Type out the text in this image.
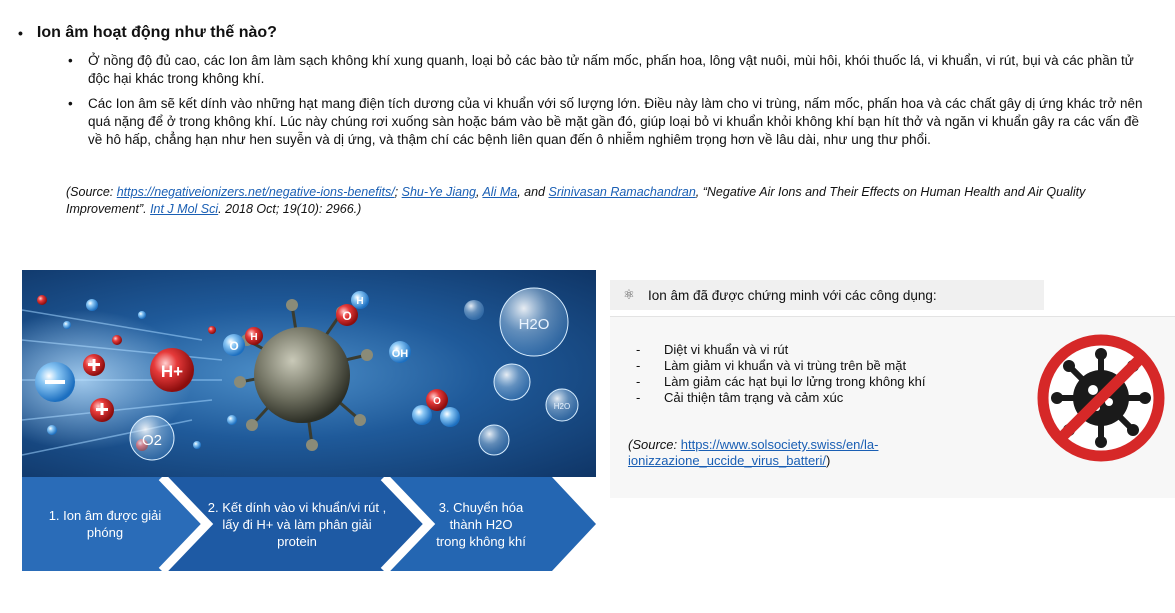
• Ion âm hoạt động như thế nào?
• Ở nồng độ đủ cao, các Ion âm làm sạch không khí xung quanh, loại bỏ các bào tử nấm mốc, phấn hoa, lông vật nuôi, mùi hôi, khói thuốc lá, vi khuẩn, vi rút, bụi và các phần tử độc hại khác trong không khí.
• Các Ion âm sẽ kết dính vào những hạt mang điện tích dương của vi khuẩn với số lượng lớn. Điều này làm cho vi trùng, nấm mốc, phấn hoa và các chất gây dị ứng khác trở nên quá nặng để ở trong không khí. Lúc này chúng rơi xuống sàn hoặc bám vào bề mặt gần đó, giúp loại bỏ vi khuẩn khỏi không khí bạn hít thở và ngăn vi khuẩn gây ra các vấn đề về hô hấp, chẳng hạn như hen suyễn và dị ứng, và thậm chí các bệnh liên quan đến ô nhiễm nghiêm trọng hơn về lâu dài, như ung thư phổi.
(Source: https://negativeionizers.net/negative-ions-benefits/; Shu-Ye Jiang, Ali Ma, and Srinivasan Ramachandran, “Negative Air Ions and Their Effects on Human Health and Air Quality Improvement”. Int J Mol Sci. 2018 Oct; 19(10): 2966.)
H+
O2
O
H
O
H
OH
O
H2O
H2O
1. Ion âm được giải phóng
2. Kết dính vào vi khuẩn/vi rút , lấy đi H+ và làm phân giải protein
3. Chuyển hóa thành H2O trong không khí
⚛ Ion âm đã được chứng minh với các công dụng:
- Diệt vi khuẩn và vi rút
- Làm giảm vi khuẩn và vi trùng trên bề mặt
- Làm giảm các hạt bụi lơ lửng trong không khí
- Cải thiện tâm trạng và cảm xúc
(Source: https://www.solsociety.swiss/en/la-ionizzazione_uccide_virus_batteri/)
